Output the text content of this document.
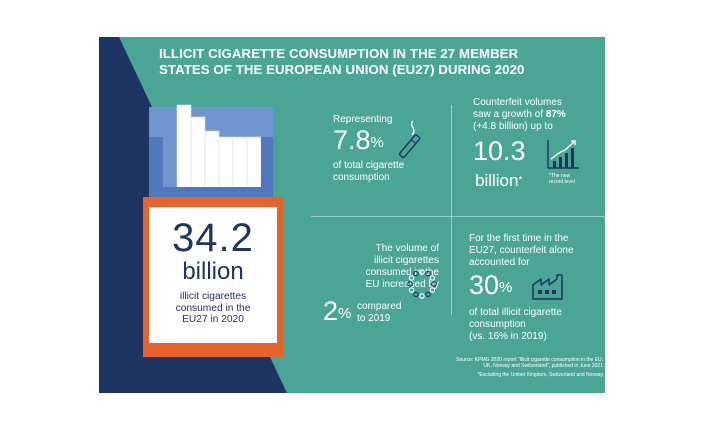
ILLICIT CIGARETTE CONSUMPTION IN THE 27 MEMBER
STATES OF THE EUROPEAN UNION (EU27) DURING 2020
34.2
billion
illicit cigarettes
consumed in the
EU27 in 2020
Representing
7.8%
of total cigarette
consumption
Counterfeit volumes
saw a growth of 87%
(+4.8 billion) up to
10.3
billion*	*The new
record level
The volume of
illicit cigarettes
consumed in the
EU increased by
2% compared
to 2019
For the first time in the
EU27, counterfeit alone
accounted for
30%
of total illicit cigarette
consumption
(vs. 16% in 2019)
Source: KPMG 2020 report "Illicit cigarette consumption in the EU,
UK, Norway and Switzerland", published in June 2021
*Excluding the United Kingdom, Switzerland and Norway
